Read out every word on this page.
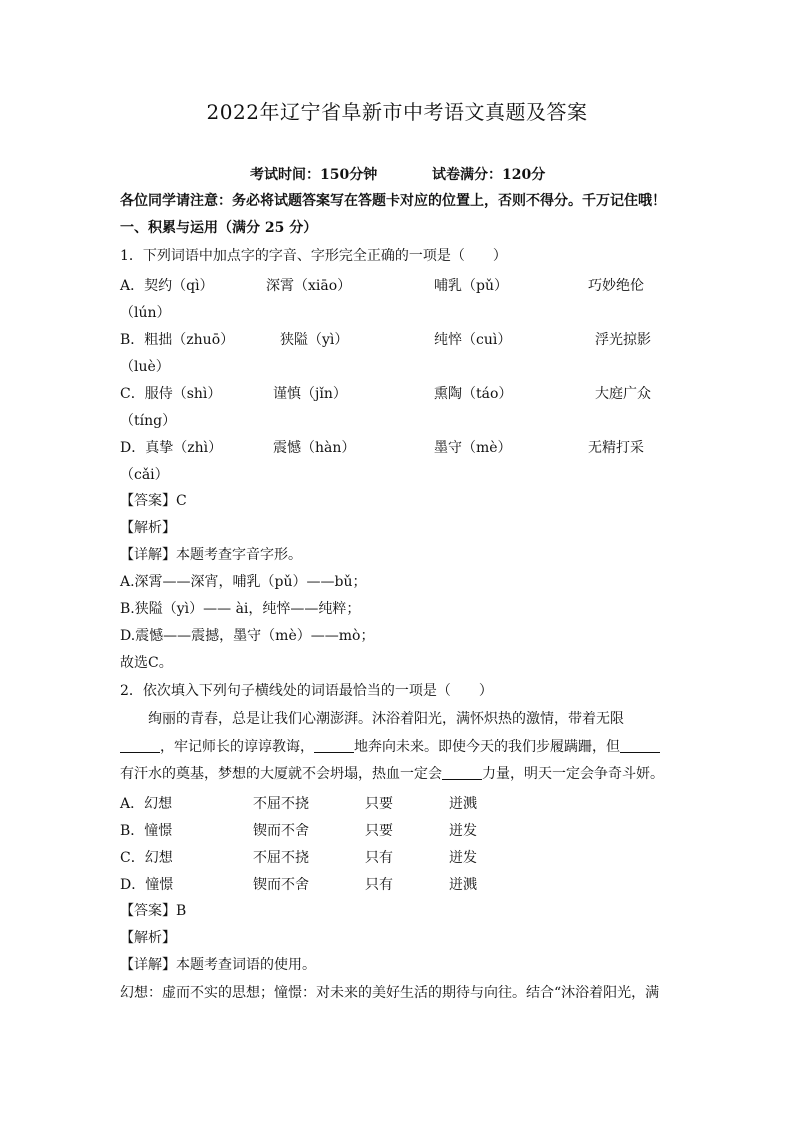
2022年辽宁省阜新市中考语文真题及答案
考试时间：150分钟	试卷满分：120分
各位同学请注意：务必将试题答案写在答题卡对应的位置上，否则不得分。千万记住哦！
一、积累与运用（满分 25 分）
1．下列词语中加点字的字音、字形完全正确的一项是（　　）
A．契约（qì）	深霄（xiāo）	哺乳（pǔ）	巧妙绝伦
（lún）
B．粗拙（zhuō）	狭隘（yì）	纯悴（cuì）	浮光掠影
（luè）
C．服侍（shì）	谨慎（jǐn）	熏陶（táo）	大庭广众
（tíng）
D．真挚（zhì）	震憾（hàn）	墨守（mè）	无精打采
（cǎi）
【答案】C
【解析】
【详解】本题考查字音字形。
A.深霄——深宵，哺乳（pǔ）——bǔ；
B.狭隘（yì）—— ài，纯悴——纯粹；
D.震憾——震撼，墨守（mè）——mò；
故选C。
2．依次填入下列句子横线处的词语最恰当的一项是（　　）
绚丽的青春，总是让我们心潮澎湃。沐浴着阳光，满怀炽热的激情，带着无限
，牢记师长的谆谆教诲，	地奔向未来。即使今天的我们步履蹒跚，但
有汗水的奠基，梦想的大厦就不会坍塌，热血一定会	力量，明天一定会争奇斗妍。
A．幻想	不屈不挠	只要	迸溅
B．憧憬	锲而不舍	只要	迸发
C．幻想	不屈不挠	只有	迸发
D．憧憬	锲而不舍	只有	迸溅
【答案】B
【解析】
【详解】本题考查词语的使用。
幻想：虚而不实的思想；憧憬：对未来的美好生活的期待与向往。结合“沐浴着阳光，满
